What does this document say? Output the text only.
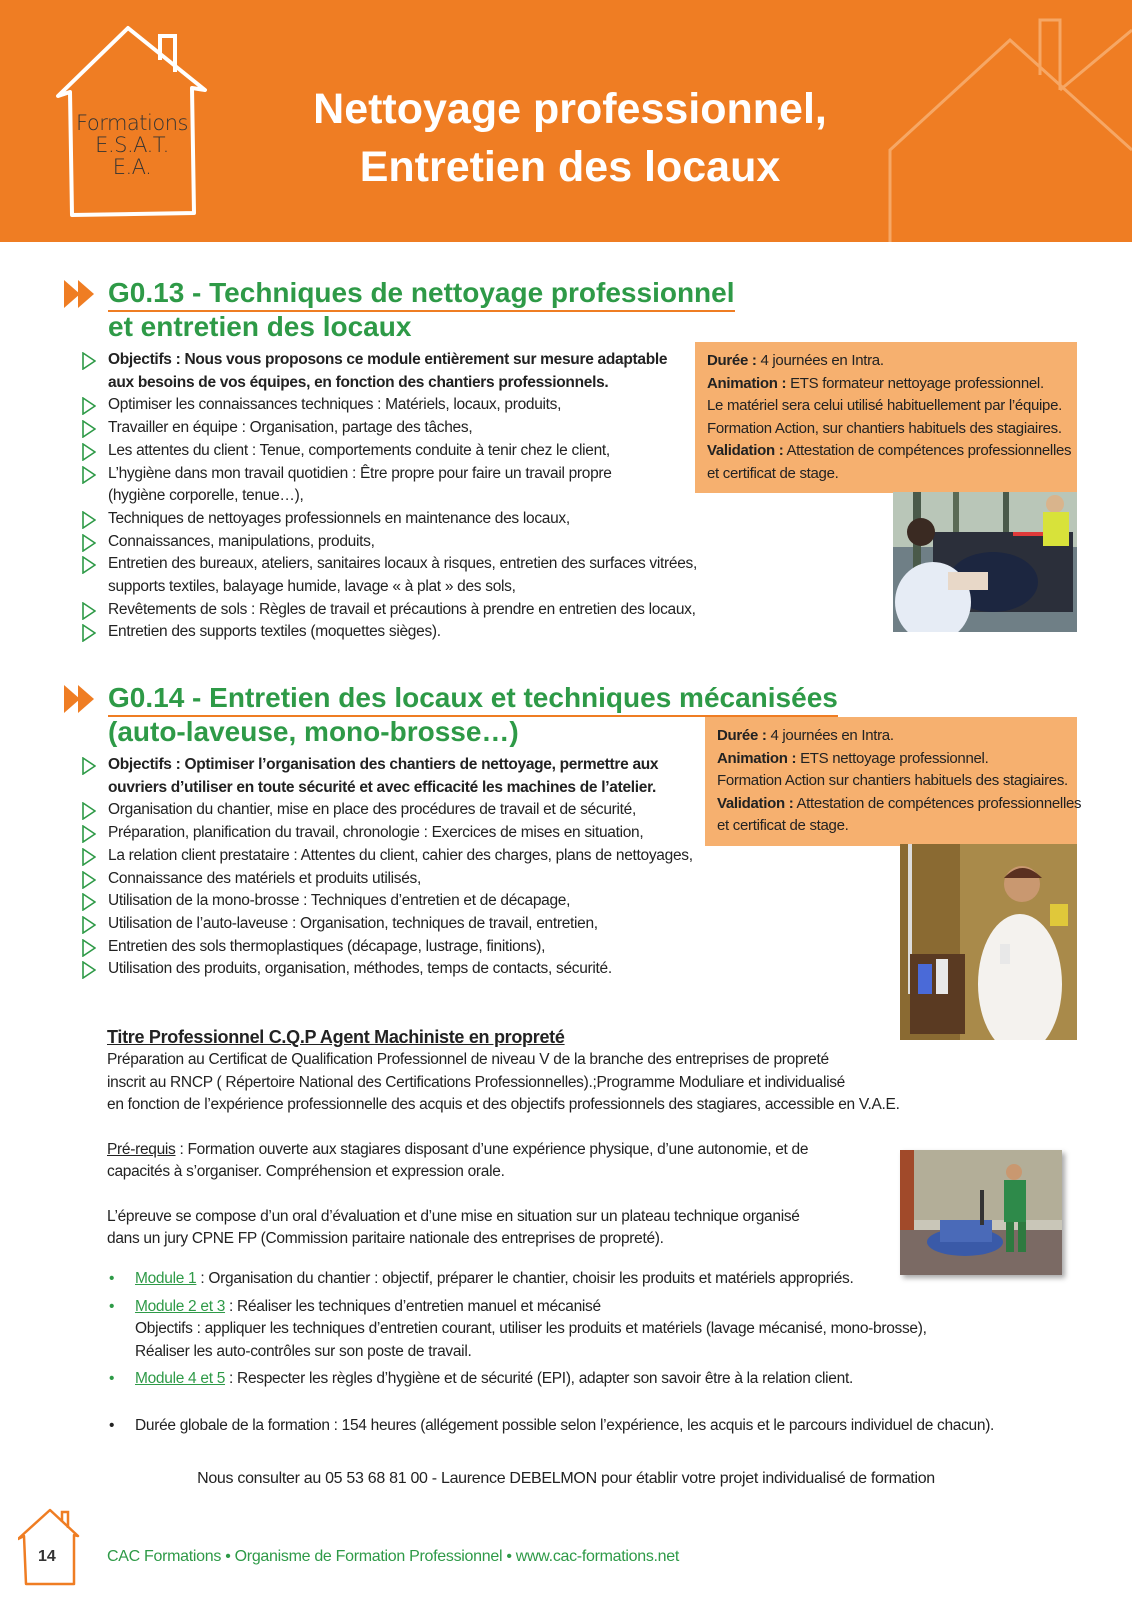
Formations
E.S.A.T.
E.A.
Nettoyage professionnel,
Entretien des locaux
G0.13 - Techniques de nettoyage professionnel
et entretien des locaux
Objectifs : Nous vous proposons ce module entièrement sur mesure adaptable
aux besoins de vos équipes, en fonction des chantiers professionnels.
Optimiser les connaissances techniques : Matériels, locaux, produits,
Travailler en équipe : Organisation, partage des tâches,
Les attentes du client : Tenue, comportements conduite à tenir chez le client,
L’hygiène dans mon travail quotidien : Être propre pour faire un travail propre
(hygiène corporelle, tenue…),
Techniques de nettoyages professionnels en maintenance des locaux,
Connaissances, manipulations, produits,
Entretien des bureaux, ateliers, sanitaires locaux à risques, entretien des surfaces vitrées,
supports textiles, balayage humide, lavage « à plat » des sols,
Revêtements de sols : Règles de travail et précautions à prendre en entretien des locaux,
Entretien des supports textiles (moquettes sièges).
Durée : 4 journées en Intra.
Animation : ETS formateur nettoyage professionnel.
Le matériel sera celui utilisé habituellement par l’équipe.
Formation Action, sur chantiers habituels des stagiaires.
Validation : Attestation de compétences professionnelles
et certificat de stage.
G0.14 - Entretien des locaux et techniques mécanisées
(auto-laveuse, mono-brosse…)
Objectifs : Optimiser l’organisation des chantiers de nettoyage, permettre aux
ouvriers d’utiliser en toute sécurité et avec efficacité les machines de l’atelier.
Organisation du chantier, mise en place des procédures de travail et de sécurité,
Préparation, planification du travail, chronologie : Exercices de mises en situation,
La relation client prestataire : Attentes du client, cahier des charges, plans de nettoyages,
Connaissance des matériels et produits utilisés,
Utilisation de la mono-brosse : Techniques d’entretien et de décapage,
Utilisation de l’auto-laveuse : Organisation, techniques de travail, entretien,
Entretien des sols thermoplastiques (décapage, lustrage, finitions),
Utilisation des produits, organisation, méthodes, temps de contacts, sécurité.
Durée : 4 journées en Intra.
Animation : ETS nettoyage professionnel.
Formation Action sur chantiers habituels des stagiaires.
Validation : Attestation de compétences professionnelles
et certificat de stage.
Titre Professionnel C.Q.P Agent Machiniste en propreté
Préparation au Certificat de Qualification Professionnel de niveau V de la branche des entreprises de propreté
inscrit au RNCP ( Répertoire National des Certifications Professionnelles).;Programme Moduliare et individualisé
en fonction de l’expérience professionnelle des acquis et des objectifs professionnels des stagiares, accessible en V.A.E.
Pré-requis : Formation ouverte aux stagiares disposant d’une expérience physique, d’une autonomie, et de
capacités à s’organiser. Compréhension et expression orale.
L’épreuve se compose d’un oral d’évaluation et d’une mise en situation sur un plateau technique organisé
dans un jury CPNE FP (Commission paritaire nationale des entreprises de propreté).
• Module 1 : Organisation du chantier : objectif, préparer le chantier, choisir les produits et matériels appropriés.
• Module 2 et 3 : Réaliser les techniques d’entretien manuel et mécanisé
Objectifs : appliquer les techniques d’entretien courant, utiliser les produits et matériels (lavage mécanisé, mono-brosse),
Réaliser les auto-contrôles sur son poste de travail.
• Module 4 et 5 : Respecter les règles d’hygiène et de sécurité (EPI), adapter son savoir être à la relation client.
• Durée globale de la formation : 154 heures (allégement possible selon l’expérience, les acquis et le parcours individuel de chacun).
Nous consulter au 05 53 68 81 00 - Laurence DEBELMON pour établir votre projet individualisé de formation
14	CAC Formations • Organisme de Formation Professionnel • www.cac-formations.net
